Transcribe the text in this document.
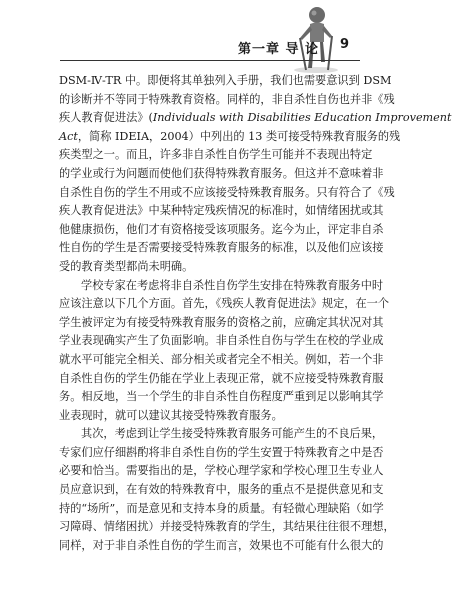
第一章 导 论 9
DSM-Ⅳ-TR 中。即便将其单独列入手册，我们也需要意识到 DSM
的诊断并不等同于特殊教育资格。同样的，非自杀性自伤也并非《残
疾人教育促进法》(Individuals with Disabilities Education Improvement
Act，简称 IDEIA，2004）中列出的 13 类可接受特殊教育服务的残
疾类型之一。而且，许多非自杀性自伤学生可能并不表现出特定
的学业或行为问题而使他们获得特殊教育服务。但这并不意味着非
自杀性自伤的学生不用或不应该接受特殊教育服务。只有符合了《残
疾人教育促进法》中某种特定残疾情况的标准时，如情绪困扰或其
他健康损伤，他们才有资格接受该项服务。迄今为止，评定非自杀
性自伤的学生是否需要接受特殊教育服务的标准，以及他们应该接
受的教育类型都尚未明确。
学校专家在考虑将非自杀性自伤学生安排在特殊教育服务中时
应该注意以下几个方面。首先，《残疾人教育促进法》规定，在一个
学生被评定为有接受特殊教育服务的资格之前，应确定其状况对其
学业表现确实产生了负面影响。非自杀性自伤与学生在校的学业成
就水平可能完全相关、部分相关或者完全不相关。例如，若一个非
自杀性自伤的学生仍能在学业上表现正常，就不应接受特殊教育服
务。相反地，当一个学生的非自杀性自伤程度严重到足以影响其学
业表现时，就可以建议其接受特殊教育服务。
其次，考虑到让学生接受特殊教育服务可能产生的不良后果，
专家们应仔细斟酌将非自杀性自伤的学生安置于特殊教育之中是否
必要和恰当。需要指出的是，学校心理学家和学校心理卫生专业人
员应意识到，在有效的特殊教育中，服务的重点不是提供意见和支
持的“场所”，而是意见和支持本身的质量。有轻微心理缺陷（如学
习障碍、情绪困扰）并接受特殊教育的学生，其结果往往很不理想，
同样，对于非自杀性自伤的学生而言，效果也不可能有什么很大的
